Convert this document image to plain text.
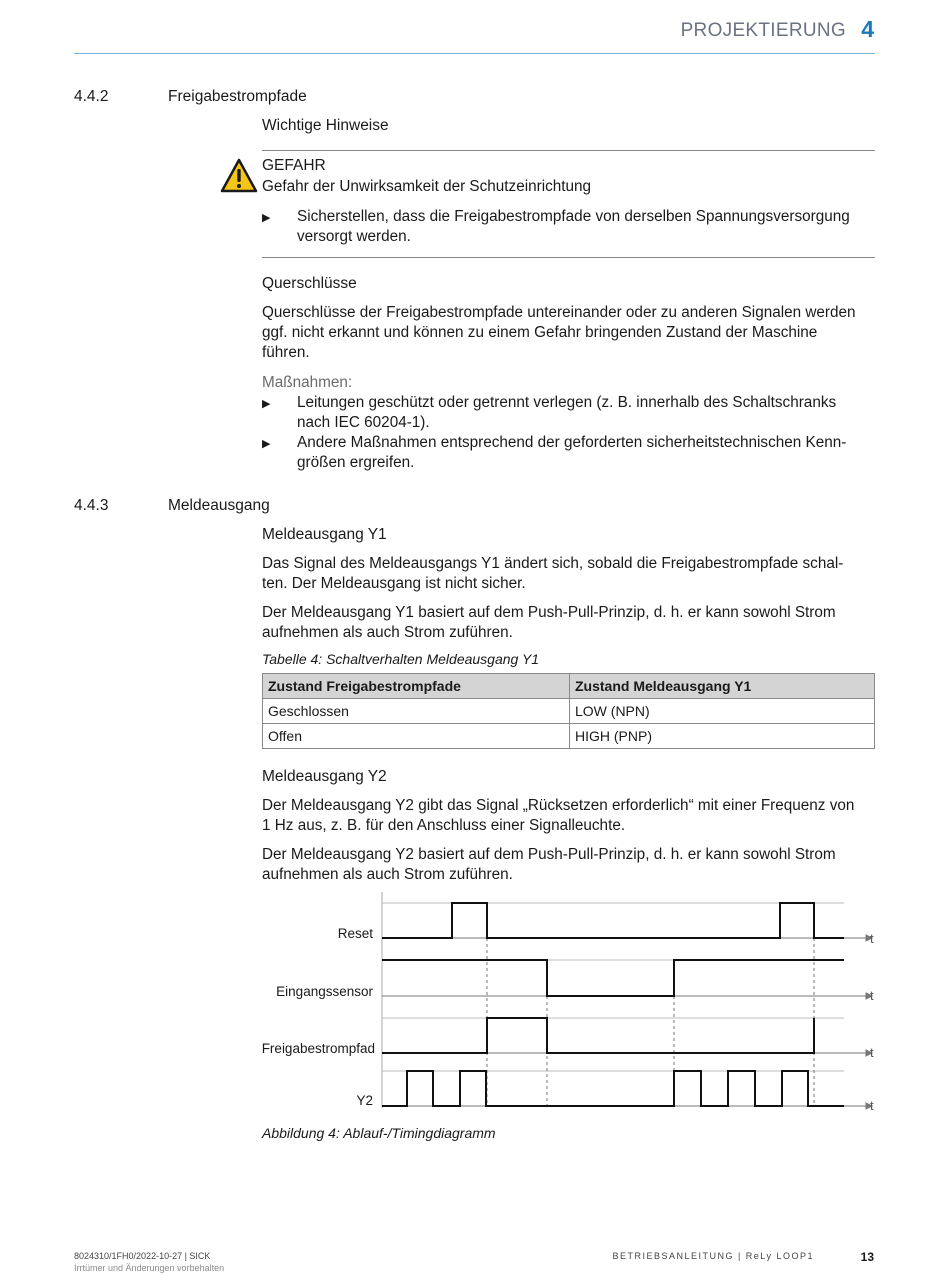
PROJEKTIERUNG 4
4.4.2	Freigabestrompfade
Wichtige Hinweise
GEFAHR
Gefahr der Unwirksamkeit der Schutzeinrichtung
▶ Sicherstellen, dass die Freigabestrompfade von derselben Spannungsversorgung
versorgt werden.
Querschlüsse
Querschlüsse der Freigabestrompfade untereinander oder zu anderen Signalen werden
ggf. nicht erkannt und können zu einem Gefahr bringenden Zustand der Maschine
führen.
Maßnahmen:
▶ Leitungen geschützt oder getrennt verlegen (z. B. innerhalb des Schaltschranks
nach IEC 60204-1).
▶ Andere Maßnahmen entsprechend der geforderten sicherheitstechnischen Kenn-
größen ergreifen.
4.4.3	Meldeausgang
Meldeausgang Y1
Das Signal des Meldeausgangs Y1 ändert sich, sobald die Freigabestrompfade schal-
ten. Der Meldeausgang ist nicht sicher.
Der Meldeausgang Y1 basiert auf dem Push-Pull-Prinzip, d. h. er kann sowohl Strom
aufnehmen als auch Strom zuführen.
Tabelle 4: Schaltverhalten Meldeausgang Y1
Zustand Freigabestrompfade	Zustand Meldeausgang Y1
Geschlossen	LOW (NPN)
Offen	HIGH (PNP)
Meldeausgang Y2
Der Meldeausgang Y2 gibt das Signal „Rücksetzen erforderlich“ mit einer Frequenz von
1 Hz aus, z. B. für den Anschluss einer Signalleuchte.
Der Meldeausgang Y2 basiert auf dem Push-Pull-Prinzip, d. h. er kann sowohl Strom
aufnehmen als auch Strom zuführen.
Reset
Eingangssensor
Freigabestrompfad
Y2
t
t
t
t
Abbildung 4: Ablauf-/Timingdiagramm
8024310/1FH0/2022-10-27 | SICK
Irrtümer und Änderungen vorbehalten
BETRIEBSANLEITUNG | ReLy LOOP1	13
